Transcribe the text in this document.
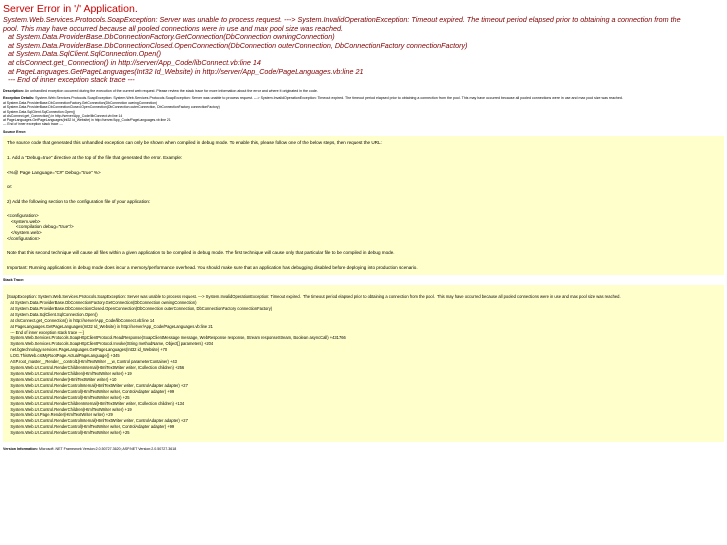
Server Error in '/' Application.
System.Web.Services.Protocols.SoapException: Server was unable to process request. ---> System.InvalidOperationException: Timeout expired. The timeout period elapsed prior to obtaining a connection from the
pool. This may have occurred because all pooled connections were in use and max pool size was reached.
at System.Data.ProviderBase.DbConnectionFactory.GetConnection(DbConnection owningConnection)
at System.Data.ProviderBase.DbConnectionClosed.OpenConnection(DbConnection outerConnection, DbConnectionFactory connectionFactory)
at System.Data.SqlClient.SqlConnection.Open()
at clsConnect.get_Connection() in http://server/App_Code/libConnect.vb:line 14
at PageLanguages.GetPageLanguages(Int32 Id_Website) in http://server/App_Code/PageLanguages.vb:line 21
--- End of inner exception stack trace ---
Description: An unhandled exception occurred during the execution of the current web request. Please review the stack trace for more information about the error and where it originated in the code.
Exception Details: System.Web.Services.Protocols.SoapException: System.Web.Services.Protocols.SoapException: Server was unable to process request. ---> System.InvalidOperationException: Timeout expired. The timeout period elapsed prior to obtaining a connection from the pool. This may have occurred because all pooled connections were in use and max pool size was reached.
at System.Data.ProviderBase.DbConnectionFactory.GetConnection(DbConnection owningConnection)
at System.Data.ProviderBase.DbConnectionClosed.OpenConnection(DbConnection outerConnection, DbConnectionFactory connectionFactory)
at System.Data.SqlClient.SqlConnection.Open()
at clsConnect.get_Connection() in http://server/App_Code/libConnect.vb:line 14
at PageLanguages.GetPageLanguages(Int32 Id_Website) in http://server/App_Code/PageLanguages.vb:line 21
--- End of inner exception stack trace ---
Source Error:

The source code that generated this unhandled exception can only be shown when compiled in debug mode. To enable this, please follow one of the below steps, then request the URL:

1. Add a "Debug=true" directive at the top of the file that generated the error. Example:

<%@ Page Language="C#" Debug="true" %>

or:

2) Add the following section to the configuration file of your application:

<configuration>
<system.web>
<compilation debug="true"/>
</system.web>
</configuration>

Note that this second technique will cause all files within a given application to be compiled in debug mode. The first technique will cause only that particular file to be compiled in debug mode.

Important: Running applications in debug mode does incur a memory/performance overhead. You should make sure that an application has debugging disabled before deploying into production scenario.

Stack Trace:
[SoapException: System.Web.Services.Protocols.SoapException: Server was unable to process request. ---> System.InvalidOperationException: Timeout expired.  The timeout period elapsed prior to obtaining a connection from the pool.  This may have occurred because all pooled connections were in use and max pool size was reached.
at System.Data.ProviderBase.DbConnectionFactory.GetConnection(DbConnection owningConnection)
at System.Data.ProviderBase.DbConnectionClosed.OpenConnection(DbConnection outerConnection, DbConnectionFactory connectionFactory)
at System.Data.SqlClient.SqlConnection.Open()
at clsConnect.get_Connection() in http://server/App_Code/libConnect.vb:line 14
at PageLanguages.GetPageLanguages(Int32 Id_Website) in http://server/App_Code/PageLanguages.vb:line 21
--- End of inner exception stack trace ---]
System.Web.Services.Protocols.SoapHttpClientProtocol.ReadResponse(SoapClientMessage message, WebResponse response, Stream responseStream, Boolean asyncCall) +431766
System.Web.Services.Protocols.SoapHttpClientProtocol.Invoke(String methodName, Object[] parameters) +204
net.bgtechnology.services.PageLanguages.GetPageLanguages(Int32 id_Website) +70
LOG.ThisWeb.cstMyRootPage.ActualPageLanguage() +345
ASP.root_master__Render__control1(HtmlTextWriter __w, Control parameterContainer) +43
System.Web.UI.Control.RenderChildrenInternal(HtmlTextWriter writer, ICollection children) +256
System.Web.UI.Control.RenderChildren(HtmlTextWriter writer) +19
System.Web.UI.Control.Render(HtmlTextWriter writer) +10
System.Web.UI.Control.RenderControlInternal(HtmlTextWriter writer, ControlAdapter adapter) +27
System.Web.UI.Control.RenderControl(HtmlTextWriter writer, ControlAdapter adapter) +99
System.Web.UI.Control.RenderControl(HtmlTextWriter writer) +25
System.Web.UI.Control.RenderChildrenInternal(HtmlTextWriter writer, ICollection children) +134
System.Web.UI.Control.RenderChildren(HtmlTextWriter writer) +19
System.Web.UI.Page.Render(HtmlTextWriter writer) +29
System.Web.UI.Control.RenderControlInternal(HtmlTextWriter writer, ControlAdapter adapter) +27
System.Web.UI.Control.RenderControl(HtmlTextWriter writer, ControlAdapter adapter) +99
System.Web.UI.Control.RenderControl(HtmlTextWriter writer) +25
Version Information: Microsoft .NET Framework Version:2.0.50727.3620; ASP.NET Version:2.0.50727.3618
